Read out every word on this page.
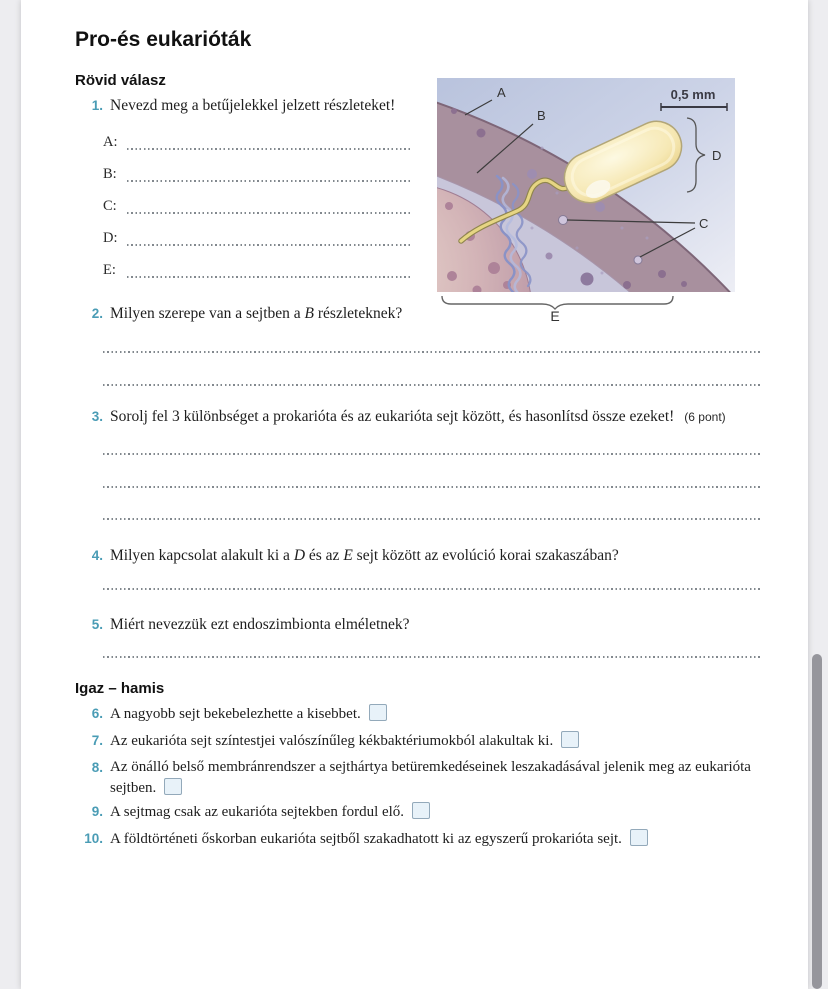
Pro-és eukarióták
Rövid válasz
1. Nevezd meg a betűjelekkel jelzett részleteket!
A:
B:
C:
D:
E:
A
B
C
0,5 mm
D
E
2. Milyen szerepe van a sejtben a B részleteknek?
3. Sorolj fel 3 különbséget a prokarióta és az eukarióta sejt között, és hasonlítsd össze ezeket! (6 pont)
4. Milyen kapcsolat alakult ki a D és az E sejt között az evolúció korai szakaszában?
5. Miért nevezzük ezt endoszimbionta elméletnek?
Igaz – hamis
6. A nagyobb sejt bekebelezhette a kisebbet.
7. Az eukarióta sejt színtestjei valószínűleg kékbaktériumokból alakultak ki.
8. Az önálló belső membránrendszer a sejthártya betüremkedéseinek leszakadásával jelenik meg az eukarióta sejtben.
9. A sejtmag csak az eukarióta sejtekben fordul elő.
10. A földtörténeti őskorban eukarióta sejtből szakadhatott ki az egyszerű prokarióta sejt.
